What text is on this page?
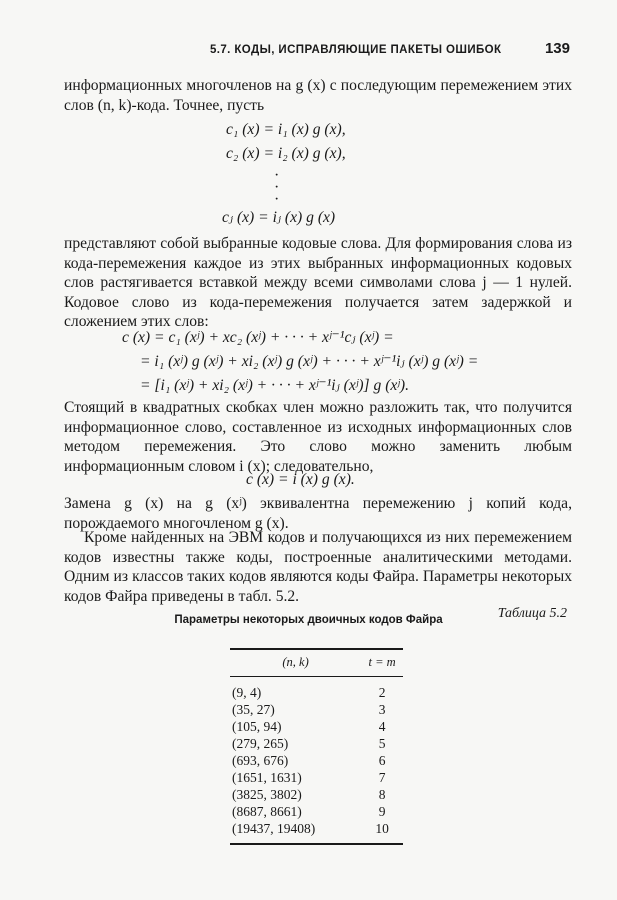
5.7. КОДЫ, ИСПРАВЛЯЮЩИЕ ПАКЕТЫ ОШИБОК	139
информационных многочленов на g (x) с последующим перемежением этих слов (n, k)-кода. Точнее, пусть
c₁ (x) = i₁ (x) g (x),
c₂ (x) = i₂ (x) g (x),
·
·
·
cⱼ (x) = iⱼ (x) g (x)
представляют собой выбранные кодовые слова. Для формирования слова из кода-перемежения каждое из этих выбранных информационных кодовых слов растягивается вставкой между всеми символами слова j — 1 нулей. Кодовое слово из кода-перемежения получается затем задержкой и сложением этих слов:
c (x) = c₁ (xʲ) + xc₂ (xʲ) + · · · + xʲ⁻¹cⱼ (xʲ) =
= i₁ (xʲ) g (xʲ) + xi₂ (xʲ) g (xʲ) + · · · + xʲ⁻¹iⱼ (xʲ) g (xʲ) =
= [i₁ (xʲ) + xi₂ (xʲ) + · · · + xʲ⁻¹iⱼ (xʲ)] g (xʲ).
Стоящий в квадратных скобках член можно разложить так, что получится информационное слово, составленное из исходных информационных слов методом перемежения. Это слово можно заменить любым информационным словом i (x); следовательно,
c (x) = i (x) g (x).
Замена g (x) на g (xʲ) эквивалентна перемежению j копий кода, порождаемого многочленом g (x).
Кроме найденных на ЭВМ кодов и получающихся из них перемежением кодов известны также коды, построенные аналитическими методами. Одним из классов таких кодов являются коды Файра. Параметры некоторых кодов Файра приведены в табл. 5.2.
Таблица 5.2
Параметры некоторых двоичных кодов Файра
(n, k)	t = m

(9, 4)	2
(35, 27)	3
(105, 94)	4
(279, 265)	5
(693, 676)	6
(1651, 1631)	7
(3825, 3802)	8
(8687, 8661)	9
(19437, 19408)	10
